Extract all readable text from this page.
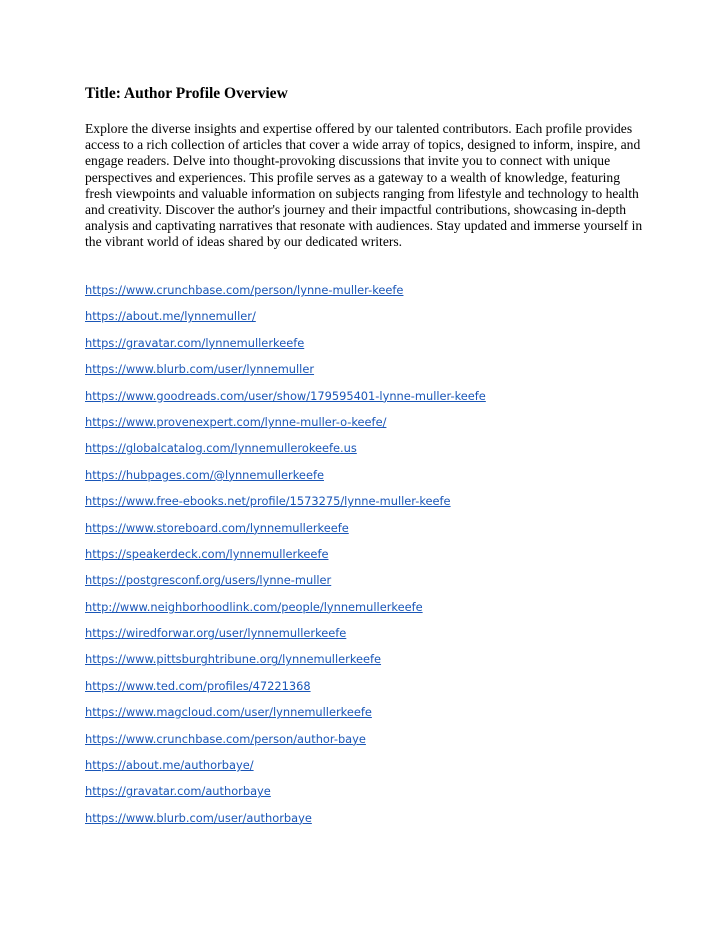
Title: Author Profile Overview

Explore the diverse insights and expertise offered by our talented contributors. Each profile provides access to a rich collection of articles that cover a wide array of topics, designed to inform, inspire, and engage readers. Delve into thought-provoking discussions that invite you to connect with unique perspectives and experiences. This profile serves as a gateway to a wealth of knowledge, featuring fresh viewpoints and valuable information on subjects ranging from lifestyle and technology to health and creativity. Discover the author's journey and their impactful contributions, showcasing in-depth analysis and captivating narratives that resonate with audiences. Stay updated and immerse yourself in the vibrant world of ideas shared by our dedicated writers.

https://www.crunchbase.com/person/lynne-muller-keefe
https://about.me/lynnemuller/
https://gravatar.com/lynnemullerkeefe
https://www.blurb.com/user/lynnemuller
https://www.goodreads.com/user/show/179595401-lynne-muller-keefe
https://www.provenexpert.com/lynne-muller-o-keefe/
https://globalcatalog.com/lynnemullerokeefe.us
https://hubpages.com/@lynnemullerkeefe
https://www.free-ebooks.net/profile/1573275/lynne-muller-keefe
https://www.storeboard.com/lynnemullerkeefe
https://speakerdeck.com/lynnemullerkeefe
https://postgresconf.org/users/lynne-muller
http://www.neighborhoodlink.com/people/lynnemullerkeefe
https://wiredforwar.org/user/lynnemullerkeefe
https://www.pittsburghtribune.org/lynnemullerkeefe
https://www.ted.com/profiles/47221368
https://www.magcloud.com/user/lynnemullerkeefe
https://www.crunchbase.com/person/author-baye
https://about.me/authorbaye/
https://gravatar.com/authorbaye
https://www.blurb.com/user/authorbaye
